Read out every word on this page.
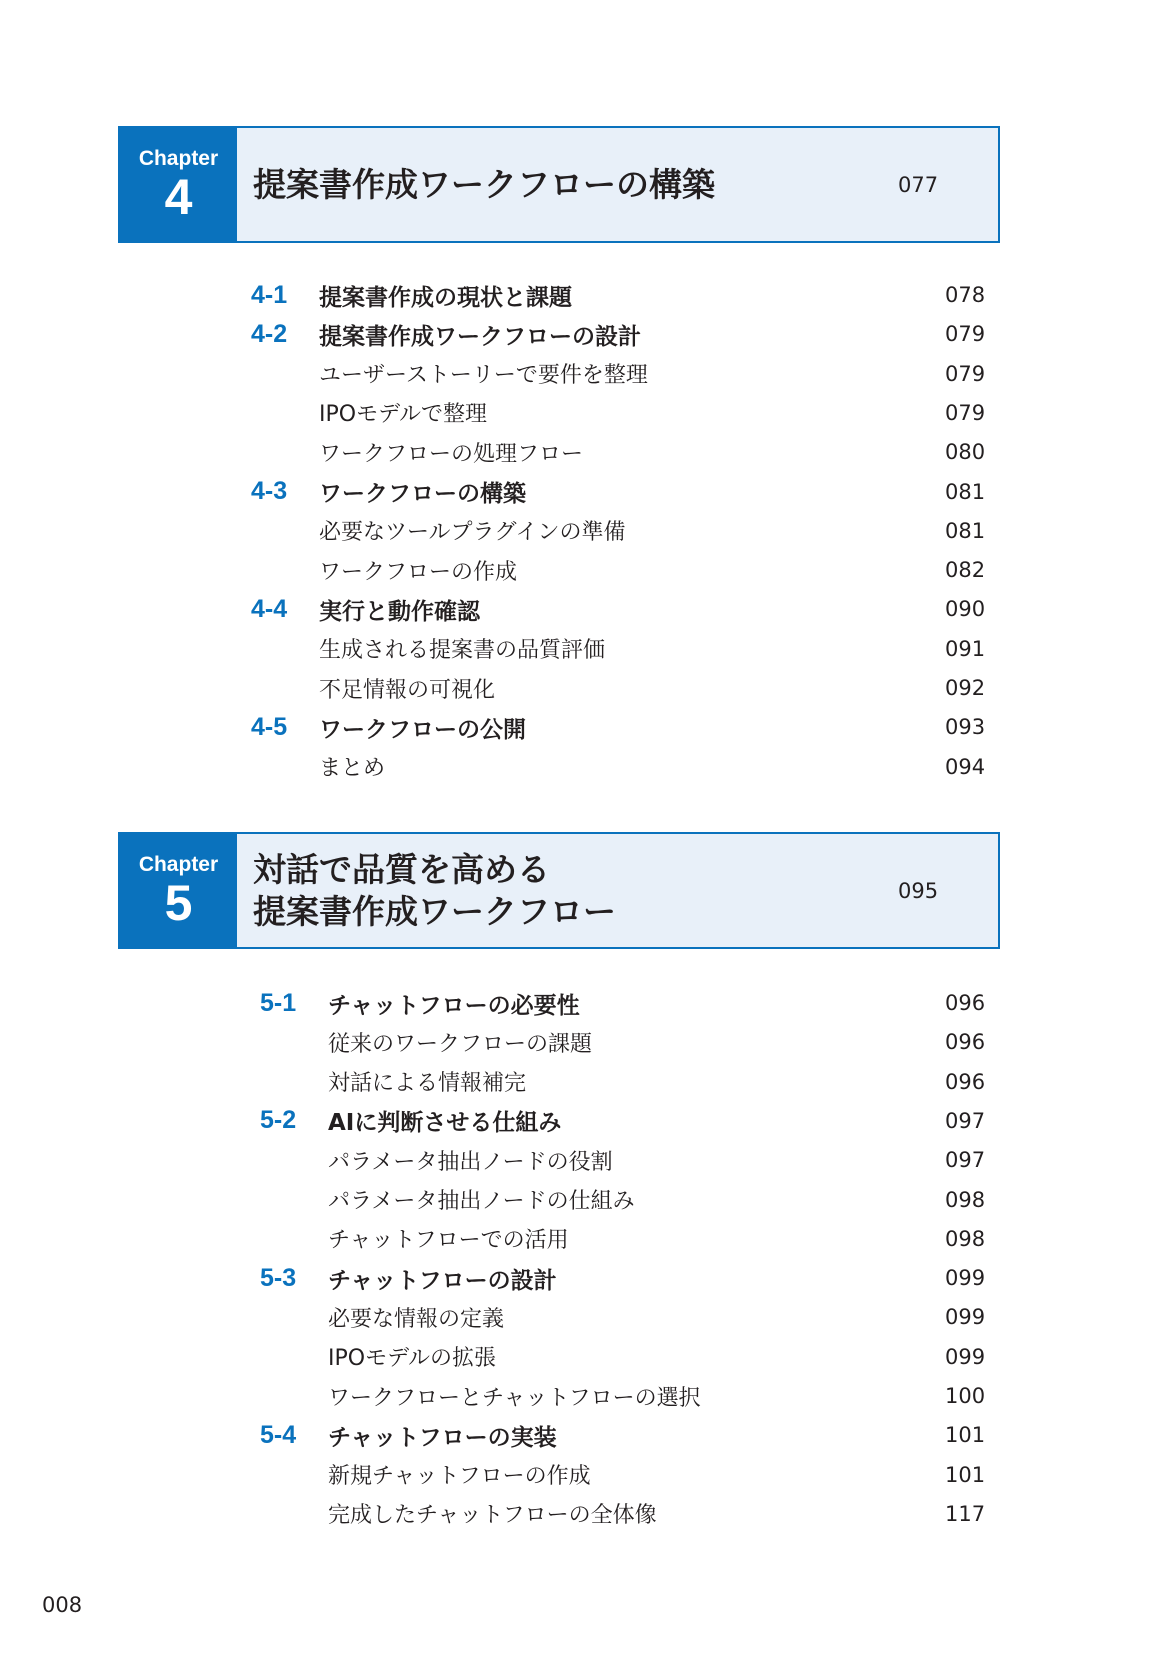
Chapter
4 提案書作成ワークフローの構築	077
4-1 提案書作成の現状と課題	078
4-2 提案書作成ワークフローの設計	079
ユーザーストーリーで要件を整理	079
IPOモデルで整理	079
ワークフローの処理フロー	080
4-3 ワークフローの構築	081
必要なツールプラグインの準備	081
ワークフローの作成	082
4-4 実行と動作確認	090
生成される提案書の品質評価	091
不足情報の可視化	092
4-5 ワークフローの公開	093
まとめ	094
Chapter
5
対話で品質を高める
提案書作成ワークフロー
095
5-1 チャットフローの必要性	096
従来のワークフローの課題	096
対話による情報補完	096
5-2 AIに判断させる仕組み	097
パラメータ抽出ノードの役割	097
パラメータ抽出ノードの仕組み	098
チャットフローでの活用	098
5-3 チャットフローの設計	099
必要な情報の定義	099
IPOモデルの拡張	099
ワークフローとチャットフローの選択	100
5-4 チャットフローの実装	101
新規チャットフローの作成	101
完成したチャットフローの全体像	117
008
